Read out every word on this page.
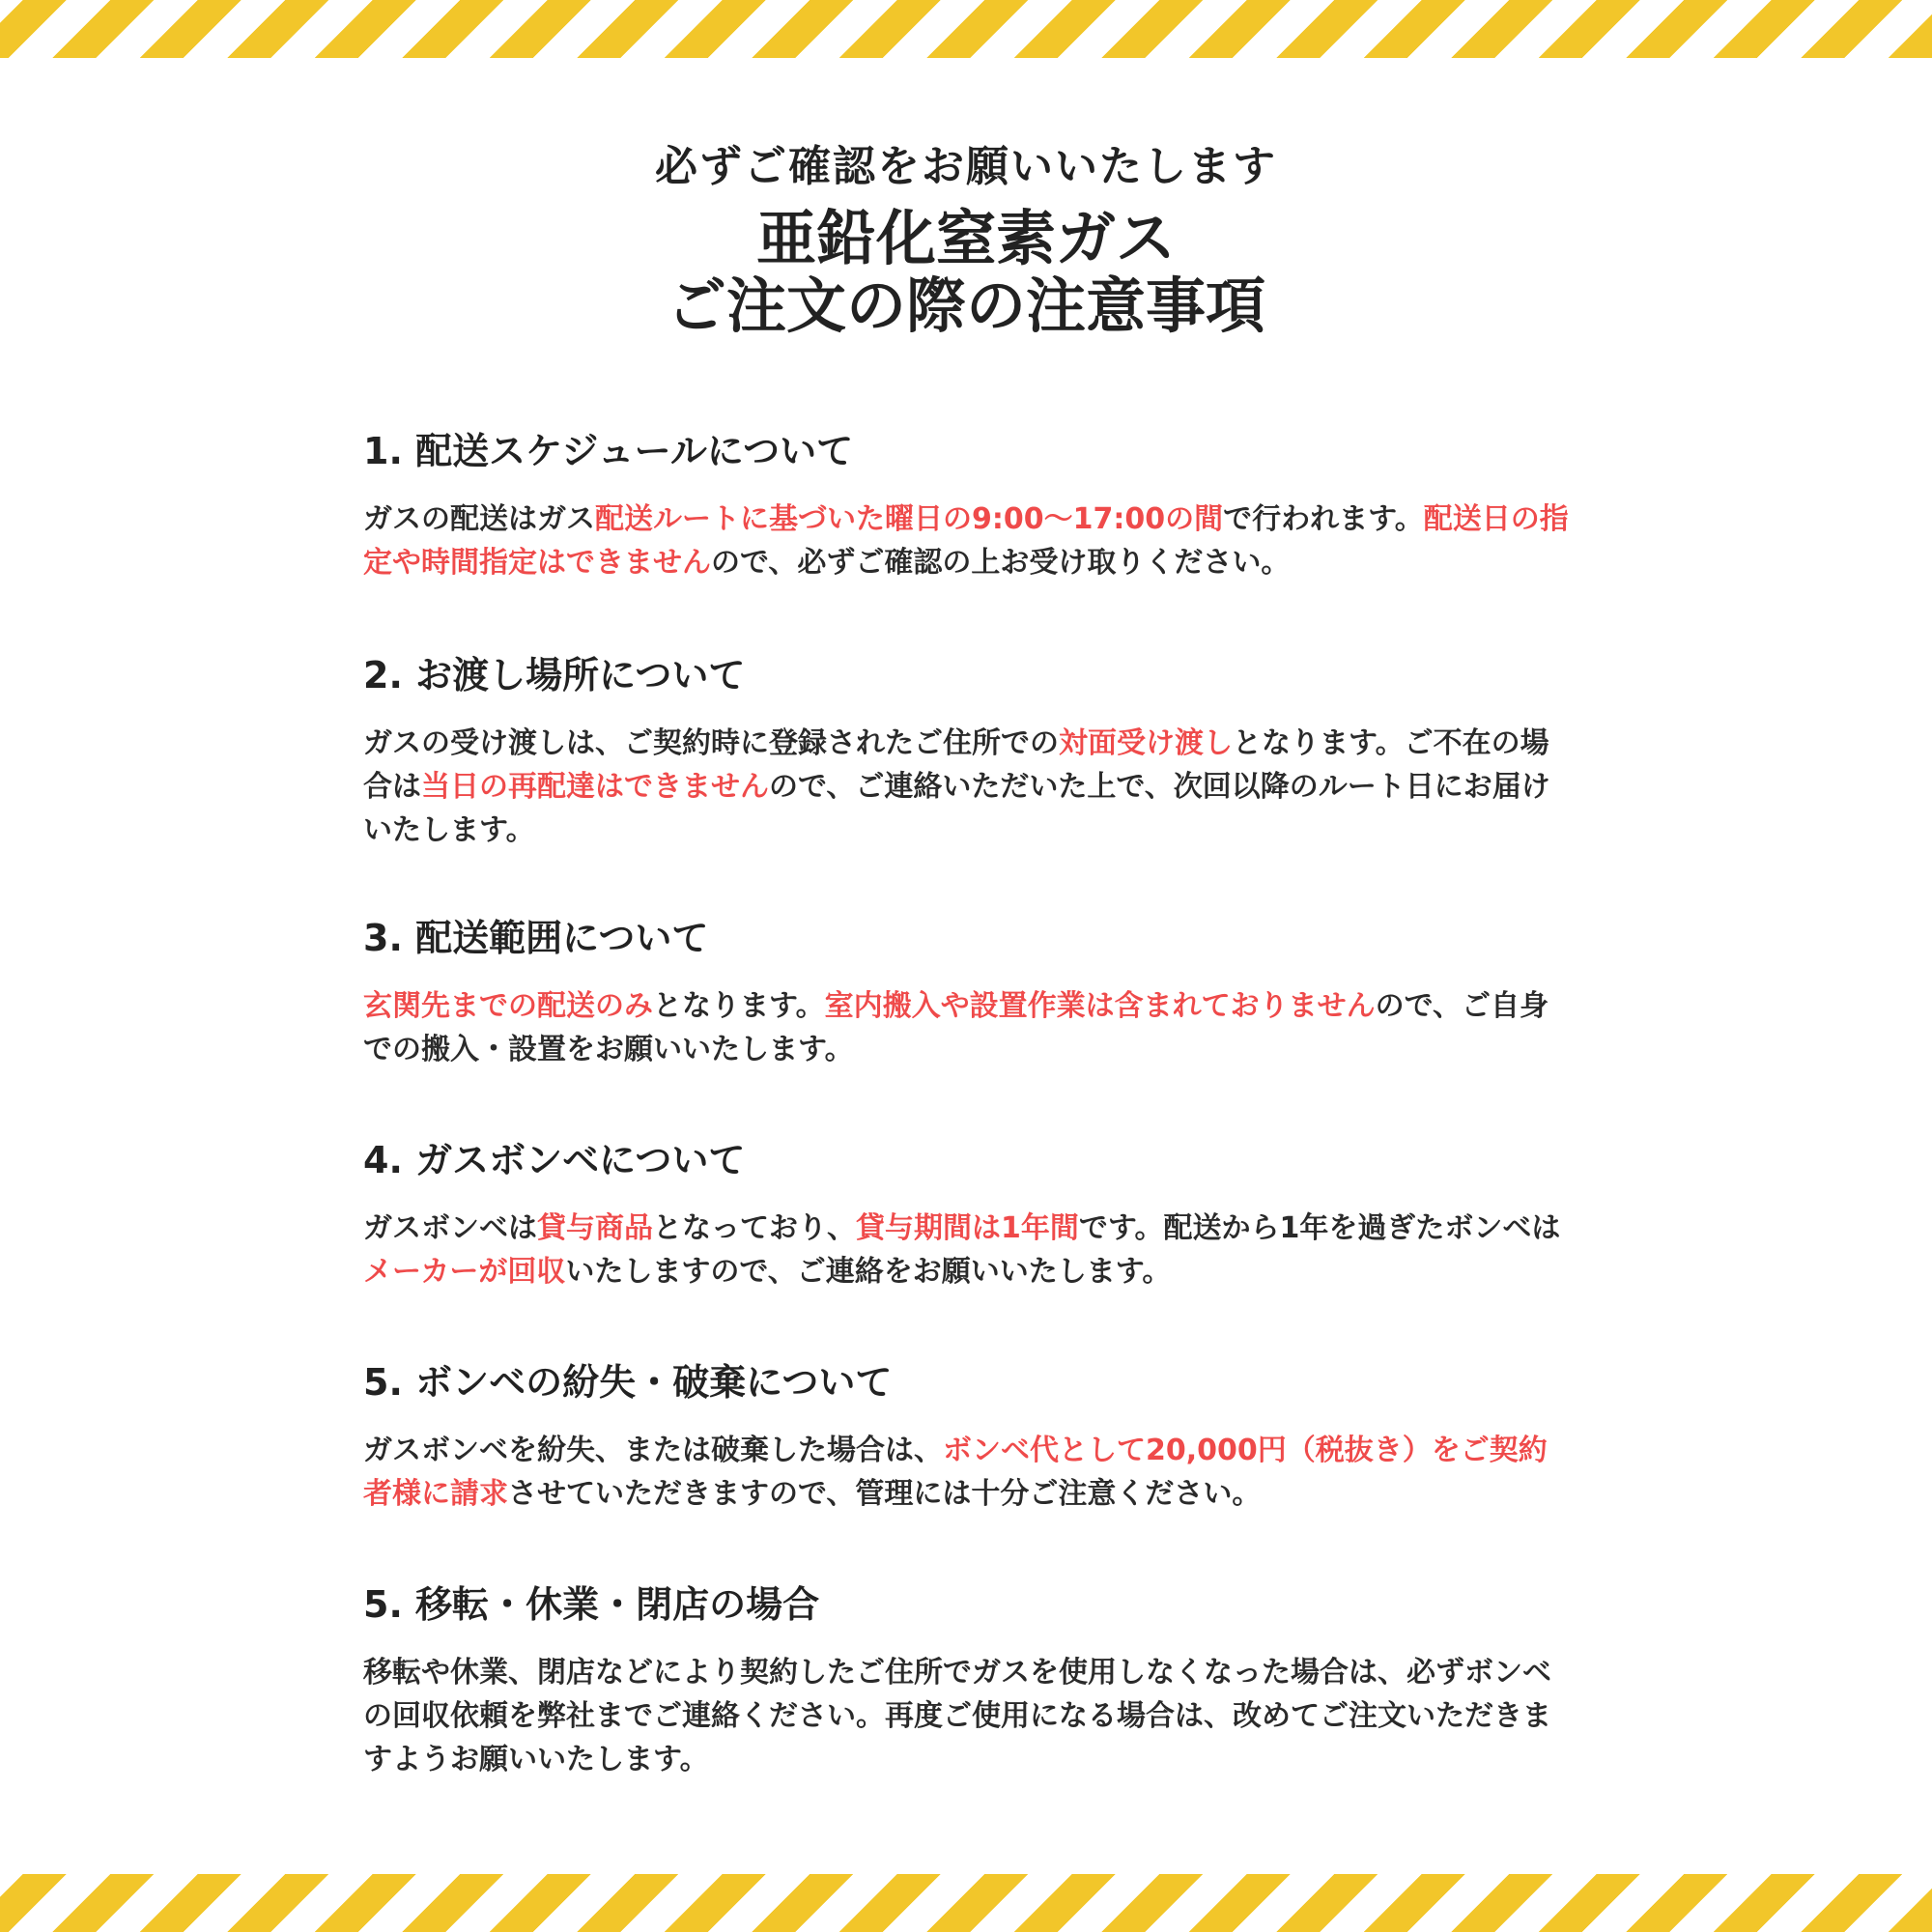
必ずご確認をお願いいたします
亜鉛化窒素ガス
ご注文の際の注意事項
1. 配送スケジュールについて

ガスの配送はガス配送ルートに基づいた曜日の9:00～17:00の間で行われます。配送日の指定や時間指定はできませんので、必ずご確認の上お受け取りください。

2. お渡し場所について

ガスの受け渡しは、ご契約時に登録されたご住所での対面受け渡しとなります。ご不在の場合は当日の再配達はできませんので、ご連絡いただいた上で、次回以降のルート日にお届けいたします。

3. 配送範囲について

玄関先までの配送のみとなります。室内搬入や設置作業は含まれておりませんので、ご自身での搬入・設置をお願いいたします。

4. ガスボンベについて

ガスボンベは貸与商品となっており、貸与期間は1年間です。配送から1年を過ぎたボンベはメーカーが回収いたしますので、ご連絡をお願いいたします。

5. ボンベの紛失・破棄について

ガスボンベを紛失、または破棄した場合は、ボンベ代として20,000円（税抜き）をご契約者様に請求させていただきますので、管理には十分ご注意ください。

5. 移転・休業・閉店の場合

移転や休業、閉店などにより契約したご住所でガスを使用しなくなった場合は、必ずボンベの回収依頼を弊社までご連絡ください。再度ご使用になる場合は、改めてご注文いただきますようお願いいたします。
